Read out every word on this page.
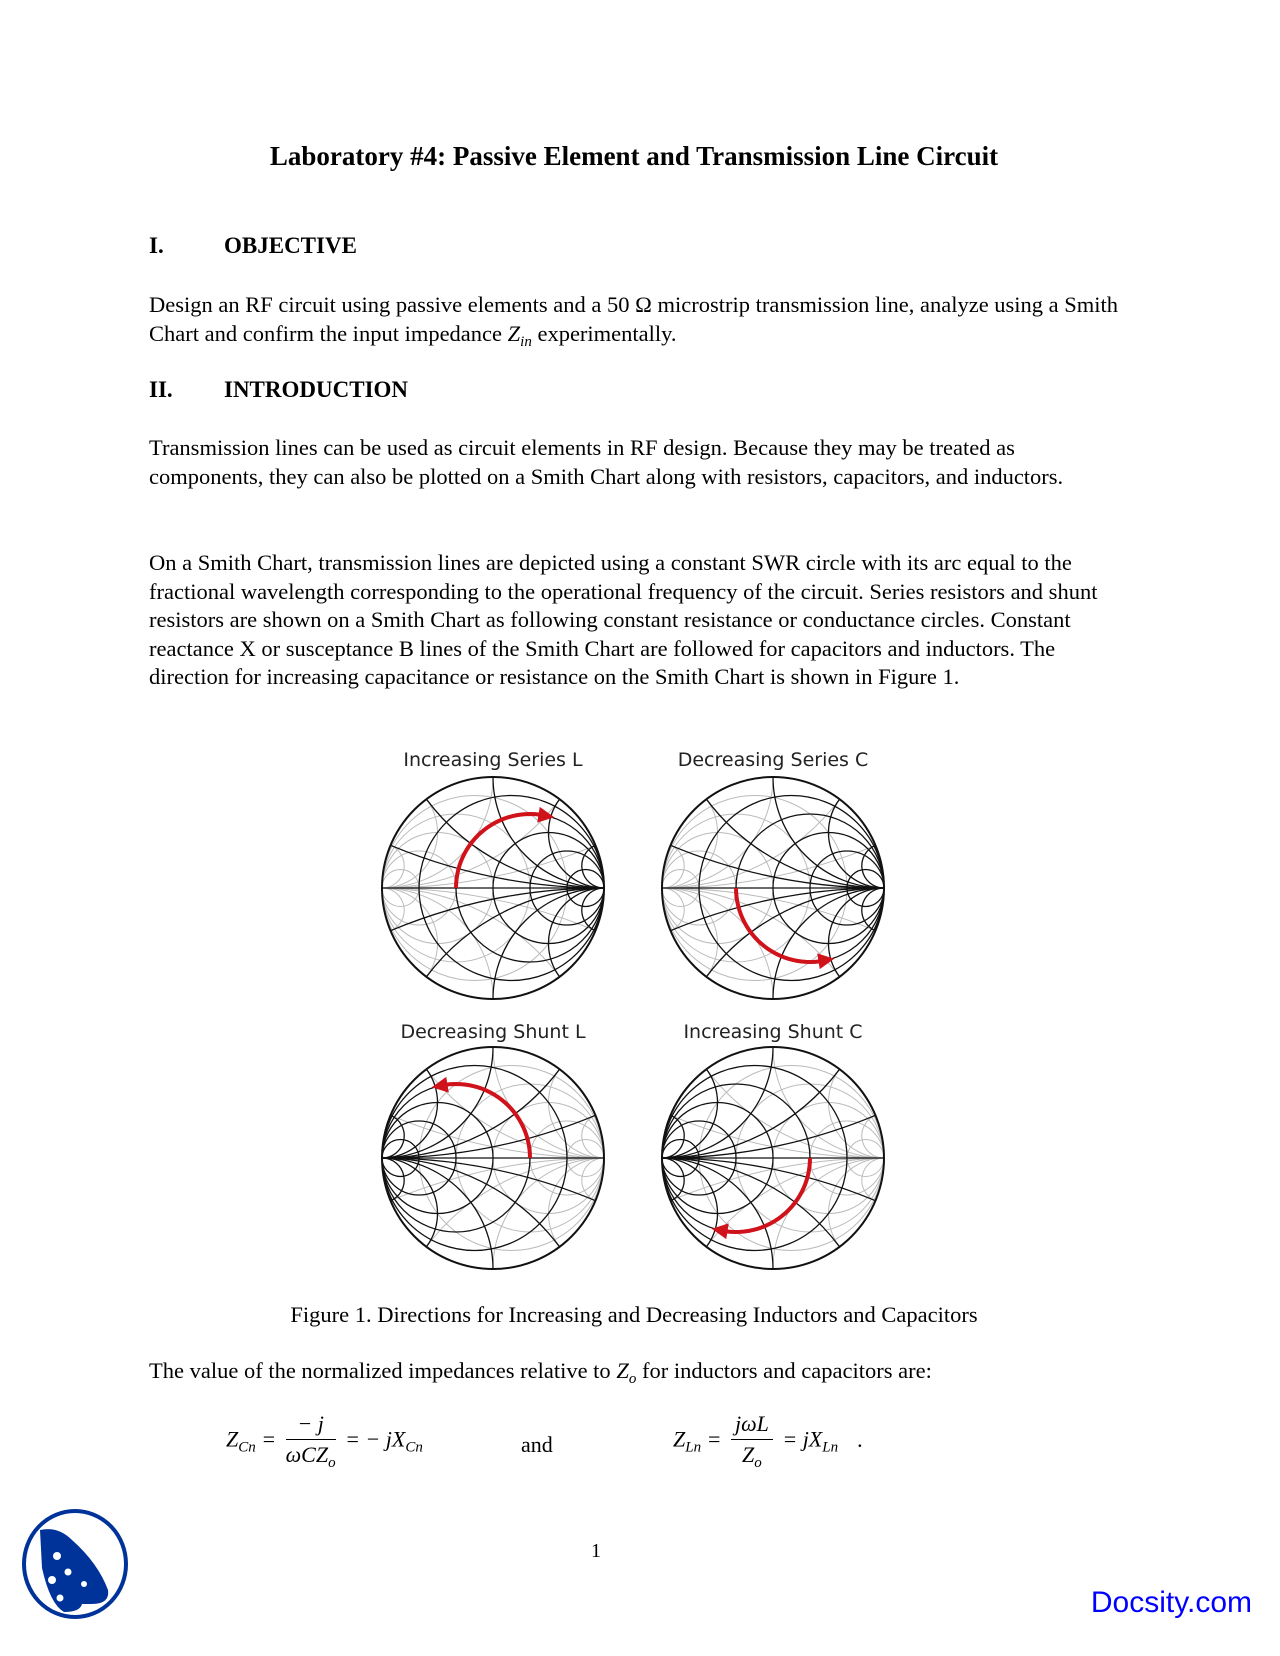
Laboratory #4: Passive Element and Transmission Line Circuit
I.	OBJECTIVE
Design an RF circuit using passive elements and a 50 Ω microstrip transmission line, analyze using a Smith Chart and confirm the input impedance $Z_{in}$ experimentally.
II. INTRODUCTION
Transmission lines can be used as circuit elements in RF design. Because they may be treated as components, they can also be plotted on a Smith Chart along with resistors, capacitors, and inductors.
On a Smith Chart, transmission lines are depicted using a constant SWR circle with its arc equal to the fractional wavelength corresponding to the operational frequency of the circuit. Series resistors and shunt resistors are shown on a Smith Chart as following constant resistance or conductance circles. Constant reactance X or susceptance B lines of the Smith Chart are followed for capacitors and inductors. The direction for increasing capacitance or resistance on the Smith Chart is shown in Figure 1.
Increasing Series L	Decreasing Series C
Decreasing Shunt L	Increasing Shunt C
Figure 1. Directions for Increasing and Decreasing Inductors and Capacitors
The value of the normalized impedances relative to $Z_o$ for inductors and capacitors are:
$Z_{Cn} = \frac{- j}{\omega CZ_o}$ = − $jX_{Cn}$	and	$Z_{Ln} = \frac{\text{jωL}}{Z_o} = jX_{Ln}$ .
1
Docsity.com
